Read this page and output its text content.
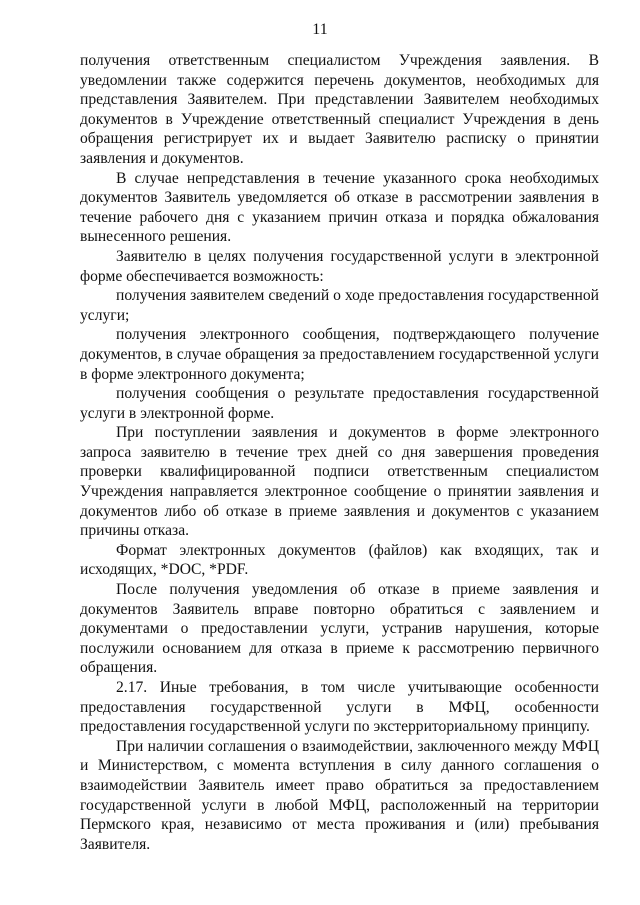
11

получения ответственным специалистом Учреждения заявления. В уведомлении также содержится перечень документов, необходимых для представления Заявителем. При представлении Заявителем необходимых документов в Учреждение ответственный специалист Учреждения в день обращения регистрирует их и выдает Заявителю расписку о принятии заявления и документов.

В случае непредставления в течение указанного срока необходимых документов Заявитель уведомляется об отказе в рассмотрении заявления в течение рабочего дня с указанием причин отказа и порядка обжалования вынесенного решения.

Заявителю в целях получения государственной услуги в электронной форме обеспечивается возможность:

получения заявителем сведений о ходе предоставления государственной услуги;

получения электронного сообщения, подтверждающего получение документов, в случае обращения за предоставлением государственной услуги в форме электронного документа;

получения сообщения о результате предоставления государственной услуги в электронной форме.

При поступлении заявления и документов в форме электронного запроса заявителю в течение трех дней со дня завершения проведения проверки квалифицированной подписи ответственным специалистом Учреждения направляется электронное сообщение о принятии заявления и документов либо об отказе в приеме заявления и документов с указанием причины отказа.

Формат электронных документов (файлов) как входящих, так и исходящих, *DOC, *PDF.

После получения уведомления об отказе в приеме заявления и документов Заявитель вправе повторно обратиться с заявлением и документами о предоставлении услуги, устранив нарушения, которые послужили основанием для отказа в приеме к рассмотрению первичного обращения.

2.17. Иные требования, в том числе учитывающие особенности предоставления государственной услуги в МФЦ, особенности предоставления государственной услуги по экстерриториальному принципу.

При наличии соглашения о взаимодействии, заключенного между МФЦ и Министерством, с момента вступления в силу данного соглашения о взаимодействии Заявитель имеет право обратиться за предоставлением государственной услуги в любой МФЦ, расположенный на территории Пермского края, независимо от места проживания и (или) пребывания Заявителя.
